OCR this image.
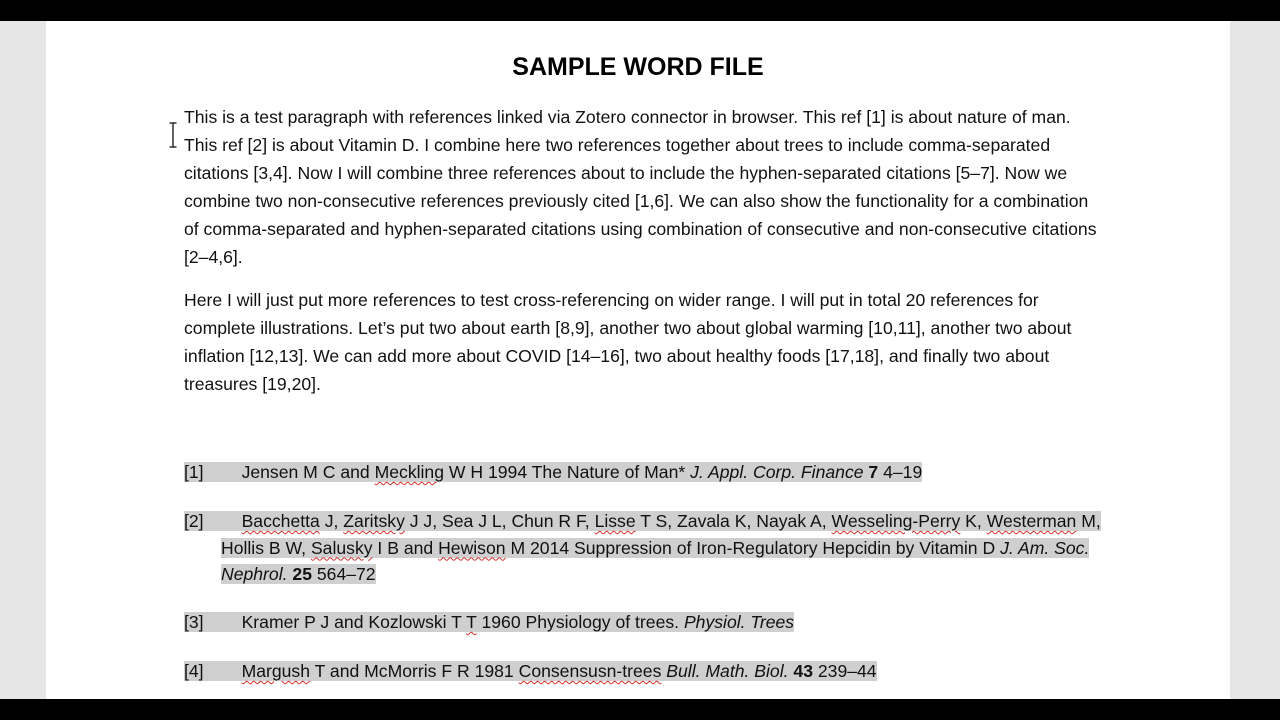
SAMPLE WORD FILE

This is a test paragraph with references linked via Zotero connector in browser. This ref [1] is about nature of man. This ref [2] is about Vitamin D. I combine here two references together about trees to include comma-separated citations [3,4]. Now I will combine three references about to include the hyphen-separated citations [5–7]. Now we combine two non-consecutive references previously cited [1,6]. We can also show the functionality for a combination of comma-separated and hyphen-separated citations using combination of consecutive and non-consecutive citations [2–4,6].

Here I will just put more references to test cross-referencing on wider range. I will put in total 20 references for complete illustrations. Let’s put two about earth [8,9], another two about global warming [10,11], another two about inflation [12,13]. We can add more about COVID [14–16], two about healthy foods [17,18], and finally two about treasures [19,20].

[1] Jensen M C and Meckling W H 1994 The Nature of Man* J. Appl. Corp. Finance 7 4–19

[2] Bacchetta J, Zaritsky J J, Sea J L, Chun R F, Lisse T S, Zavala K, Nayak A, Wesseling-Perry K, Westerman M, Hollis B W, Salusky I B and Hewison M 2014 Suppression of Iron-Regulatory Hepcidin by Vitamin D J. Am. Soc. Nephrol. 25 564–72

[3] Kramer P J and Kozlowski T T 1960 Physiology of trees. Physiol. Trees

[4] Margush T and McMorris F R 1981 Consensusn-trees Bull. Math. Biol. 43 239–44
